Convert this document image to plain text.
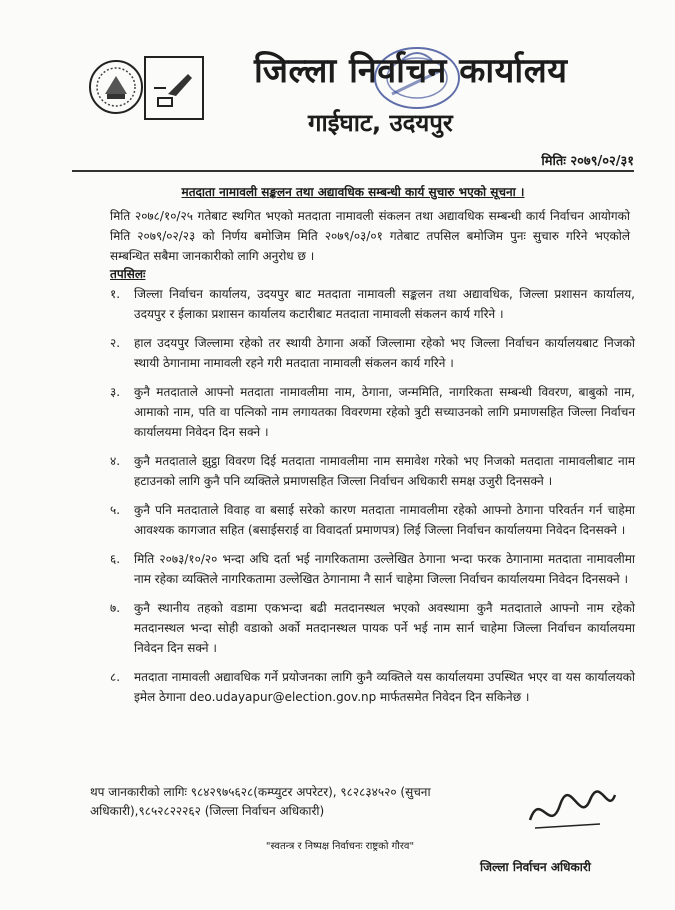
जिल्ला निर्वाचन कार्यालय
गाईघाट, उदयपुर
मितिः २०७९/०२/३१
मतदाता नामावली सङ्कलन तथा अद्यावधिक सम्बन्धी कार्य सुचारु भएको सूचना ।
मिति २०७८/१०/२५ गतेबाट स्थगित भएको मतदाता नामावली संकलन तथा अद्यावधिक सम्बन्धी कार्य निर्वाचन आयोगको मिति २०७९/०२/२३ को निर्णय बमोजिम मिति २०७९/०३/०१ गतेबाट तपसिल बमोजिम पुनः सुचारु गरिने भएकोले सम्बन्धित सबैमा जानकारीको लागि अनुरोध छ ।
तपसिलः
१. जिल्ला निर्वाचन कार्यालय, उदयपुर बाट मतदाता नामावली सङ्कलन तथा अद्यावधिक, जिल्ला प्रशासन कार्यालय, उदयपुर र ईलाका प्रशासन कार्यालय कटारीबाट मतदाता नामावली संकलन कार्य गरिने ।
२. हाल उदयपुर जिल्लामा रहेको तर स्थायी ठेगाना अर्को जिल्लामा रहेको भए जिल्ला निर्वाचन कार्यालयबाट निजको स्थायी ठेगानामा नामावली रहने गरी मतदाता नामावली संकलन कार्य गरिने ।
३. कुनै मतदाताले आफ्नो मतदाता नामावलीमा नाम, ठेगाना, जन्ममिति, नागरिकता सम्बन्धी विवरण, बाबुको नाम, आमाको नाम, पति वा पत्निको नाम लगायतका विवरणमा रहेको त्रुटी सच्याउनको लागि प्रमाणसहित जिल्ला निर्वाचन कार्यालयमा निवेदन दिन सक्ने ।
४. कुनै मतदाताले झुट्ठा विवरण दिई मतदाता नामावलीमा नाम समावेश गरेको भए निजको मतदाता नामावलीबाट नाम हटाउनको लागि कुनै पनि व्यक्तिले प्रमाणसहित जिल्ला निर्वाचन अधिकारी समक्ष उजुरी दिनसक्ने ।
५. कुनै पनि मतदाताले विवाह वा बसाई सरेको कारण मतदाता नामावलीमा रहेको आफ्नो ठेगाना परिवर्तन गर्न चाहेमा आवश्यक कागजात सहित (बसाईसराई वा विवादर्ता प्रमाणपत्र) लिई जिल्ला निर्वाचन कार्यालयमा निवेदन दिनसक्ने ।
६. मिति २०७३/१०/२० भन्दा अघि दर्ता भई नागरिकतामा उल्लेखित ठेगाना भन्दा फरक ठेगानामा मतदाता नामावलीमा नाम रहेका व्यक्तिले नागरिकतामा उल्लेखित ठेगानामा नै सार्न चाहेमा जिल्ला निर्वाचन कार्यालयमा निवेदन दिनसक्ने ।
७. कुनै स्थानीय तहको वडामा एकभन्दा बढी मतदानस्थल भएको अवस्थामा कुनै मतदाताले आफ्नो नाम रहेको मतदानस्थल भन्दा सोही वडाको अर्को मतदानस्थल पायक पर्ने भई नाम सार्न चाहेमा जिल्ला निर्वाचन कार्यालयमा निवेदन दिन सक्ने ।
८. मतदाता नामावली अद्यावधिक गर्ने प्रयोजनका लागि कुनै व्यक्तिले यस कार्यालयमा उपस्थित भएर वा यस कार्यालयको इमेल ठेगाना deo.udayapur@election.gov.np मार्फतसमेत निवेदन दिन सकिनेछ ।
थप जानकारीको लागिः ९८४२९७५६२८(कम्प्युटर अपरेटर), ९८२८३४५२० (सुचना अधिकारी),९८५२८२२२६२ (जिल्ला निर्वाचन अधिकारी)
"स्वतन्त्र र निष्पक्ष निर्वाचनः राष्ट्रको गौरव"
जिल्ला निर्वाचन अधिकारी
